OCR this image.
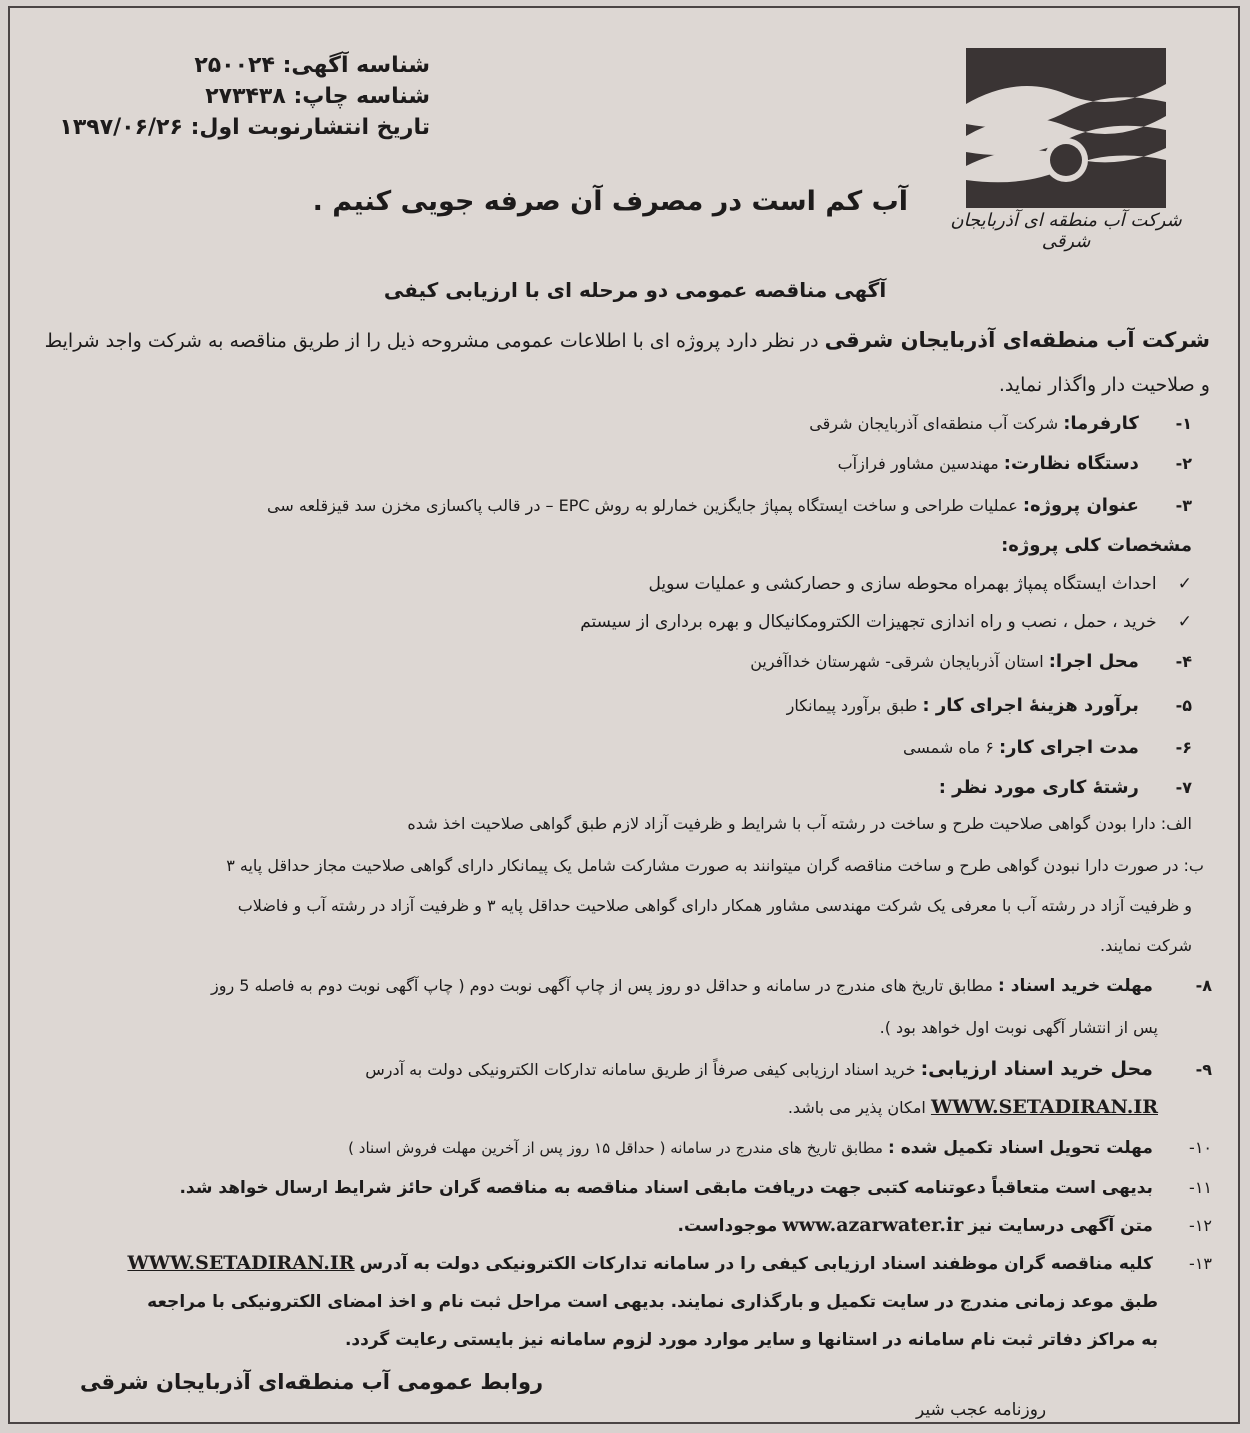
شناسه آگهی: ۲۵۰۰۲۴
شناسه چاپ: ۲۷۳۴۳۸
تاریخ انتشارنوبت اول: ۱۳۹۷/۰۶/۲۶
شرکت آب منطقه ای آذربایجان شرقی
آب کم است در مصرف آن صرفه جویی کنیم .
آگهی مناقصه عمومی دو مرحله ای با ارزیابی کیفی
شرکت آب منطقه‌ای آذربایجان شرقی در نظر دارد پروژه ای با اطلاعات عمومی مشروحه ذیل را از طریق مناقصه به شرکت واجد شرایط و صلاحیت دار واگذار نماید.
۱- کارفرما: شرکت آب منطقه‌ای آذربایجان شرقی
۲- دستگاه نظارت: مهندسین مشاور فرازآب
۳- عنوان پروژه: عملیات طراحی و ساخت ایستگاه پمپاژ جایگزین خمارلو به روش EPC – در قالب پاکسازی مخزن سد قیزقلعه سی
مشخصات کلی پروژه:
✓ احداث ایستگاه پمپاژ بهمراه محوطه سازی و حصارکشی و عملیات سویل
✓ خرید ، حمل ، نصب و راه اندازی تجهیزات الکترومکانیکال و بهره برداری از سیستم
۴- محل اجرا: استان آذربایجان شرقی- شهرستان خداآفرین
۵- برآورد هزینهٔ اجرای کار : طبق برآورد پیمانکار
۶- مدت اجرای کار: ۶ ماه شمسی
۷- رشتهٔ کاری مورد نظر :
الف: دارا بودن گواهی صلاحیت طرح و ساخت در رشته آب با شرایط و ظرفیت آزاد لازم طبق گواهی صلاحیت اخذ شده
ب: در صورت دارا نبودن گواهی طرح و ساخت مناقصه گران میتوانند به صورت مشارکت شامل یک پیمانکار دارای گواهی صلاحیت مجاز حداقل پایه ۳
و ظرفیت آزاد در رشته آب با معرفی یک شرکت مهندسی مشاور همکار دارای گواهی صلاحیت حداقل پایه ۳ و ظرفیت آزاد در رشته آب و فاضلاب
شرکت نمایند.
۸- مهلت خرید اسناد : مطابق تاریخ های مندرج در سامانه و حداقل دو روز پس از چاپ آگهی نوبت دوم ( چاپ آگهی نوبت دوم به فاصله 5 روز
پس از انتشار آگهی نوبت اول خواهد بود ).
۹- محل خرید اسناد ارزیابی: خرید اسناد ارزیابی کیفی صرفاً از طریق سامانه تدارکات الکترونیکی دولت به آدرس
WWW.SETADIRAN.IR امکان پذیر می باشد.
۱۰- مهلت تحویل اسناد تکمیل شده : مطابق تاریخ های مندرج در سامانه ( حداقل ۱۵ روز پس از آخرین مهلت فروش اسناد )
۱۱- بدیهی است متعاقباً دعوتنامه کتبی جهت دریافت مابقی اسناد مناقصه به مناقصه گران حائز شرایط ارسال خواهد شد.
۱۲- متن آگهی درسایت نیز www.azarwater.ir موجوداست.
۱۳- کلیه مناقصه گران موظفند اسناد ارزیابی کیفی را در سامانه تدارکات الکترونیکی دولت به آدرس WWW.SETADIRAN.IR
طبق موعد زمانی مندرج در سایت تکمیل و بارگذاری نمایند. بدیهی است مراحل ثبت نام و اخذ امضای الکترونیکی با مراجعه
به مراکز دفاتر ثبت نام سامانه در استانها و سایر موارد مورد لزوم سامانه نیز بایستی رعایت گردد.
روابط عمومی آب منطقه‌ای آذربایجان شرقی
روزنامه عجب شیر
